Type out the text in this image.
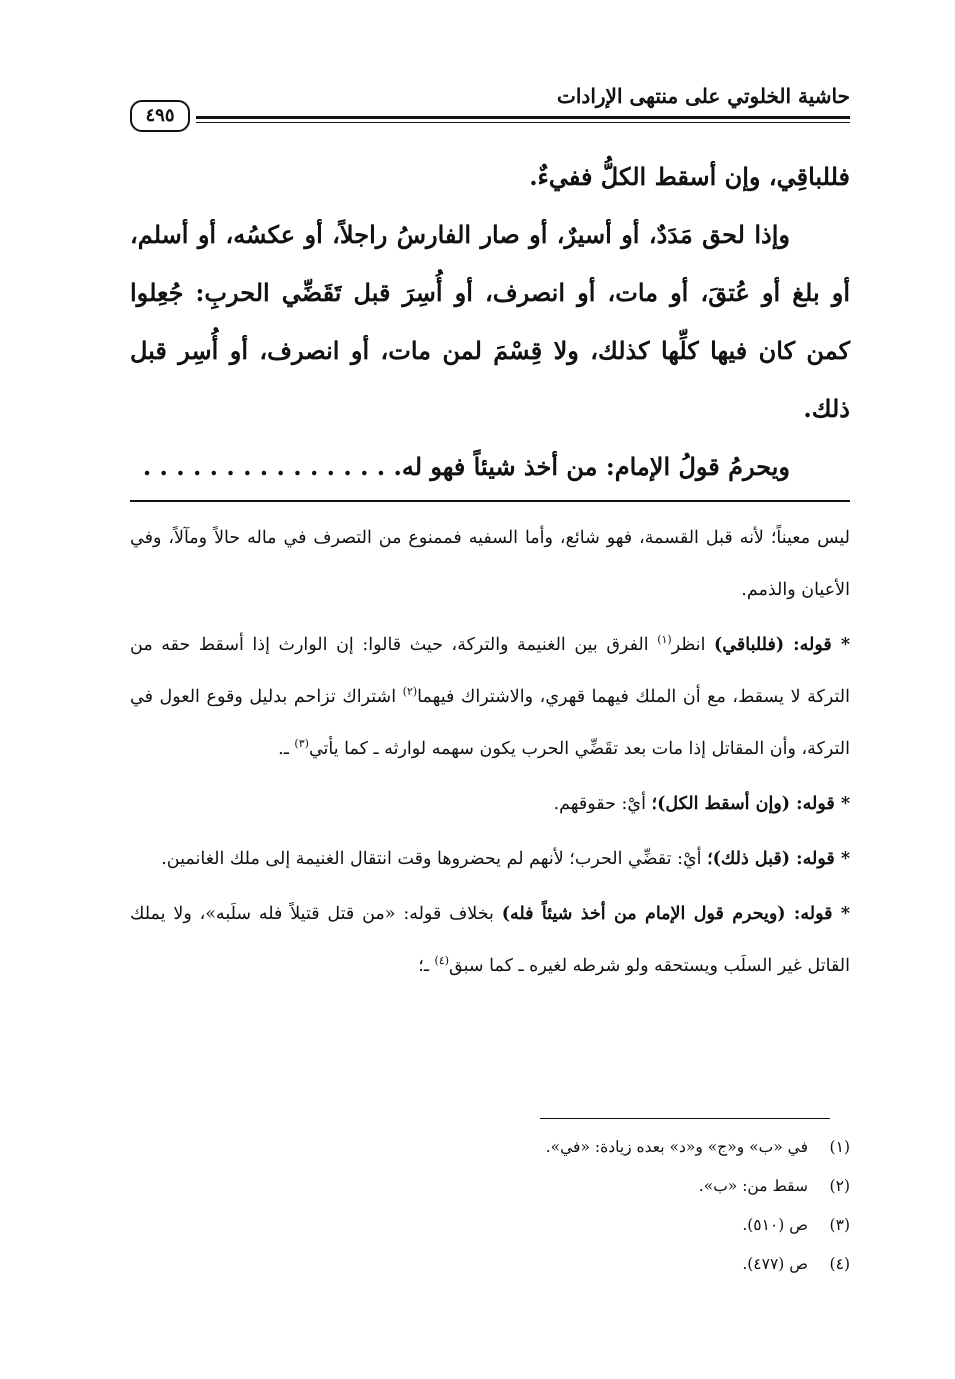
حاشية الخلوتي على منتهى الإرادات
٤٩٥

فللباقِي، وإن أسقط الكلُّ ففيءٌ.

وإذا لحق مَدَدٌ، أو أسيرٌ، أو صار الفارسُ راجلاً، أو عكسُه، أو أسلم، أو بلغ أو عُتقَ، أو مات، أو انصرف، أو أُسِرَ قبل تَقَضِّي الحربِ: جُعِلوا كمن كان فيها كلِّها كذلك، ولا قِسْمَ لمن مات، أو انصرف، أو أُسِر قبل ذلك.

ويحرمُ قولُ الإمام: من أخذ شيئاً فهو له. . . . . . . . . . . . . . . .

ليس معيناً؛ لأنه قبل القسمة، فهو شائع، وأما السفيه فممنوع من التصرف في ماله حالاً ومآلاً، وفي الأعيان والذمم.

* قوله: (فللباقي) انظر$^{(١)}$ الفرق بين الغنيمة والتركة، حيث قالوا: إن الوارث إذا أسقط حقه من التركة لا يسقط، مع أن الملك فيهما قهري، والاشتراك فيهما$^{(٢)}$ اشتراك تزاحم بدليل وقوع العول في التركة، وأن المقاتل إذا مات بعد تقَضِّي الحرب يكون سهمه لوارثه ـ كما يأتي$^{(٣)}$ ـ.

* قوله: (وإن أسقط الكل)؛ أيْ: حقوقهم.

* قوله: (قبل ذلك)؛ أيْ: تقضِّي الحرب؛ لأنهم لم يحضروها وقت انتقال الغنيمة إلى ملك الغانمين.

* قوله: (ويحرم قول الإمام من أخذ شيئاً فله) بخلاف قوله: «من قتل قتيلاً فله سلَبه»، ولا يملك القاتل غير السلَب ويستحقه ولو شرطه لغيره ـ كما سبق$^{(٤)}$ ـ؛

(١)في «ب» و«ج» و«د» بعده زيادة: «في».
(٢)سقط من: «ب».
(٣)ص (٥١٠).
(٤)ص (٤٧٧).
